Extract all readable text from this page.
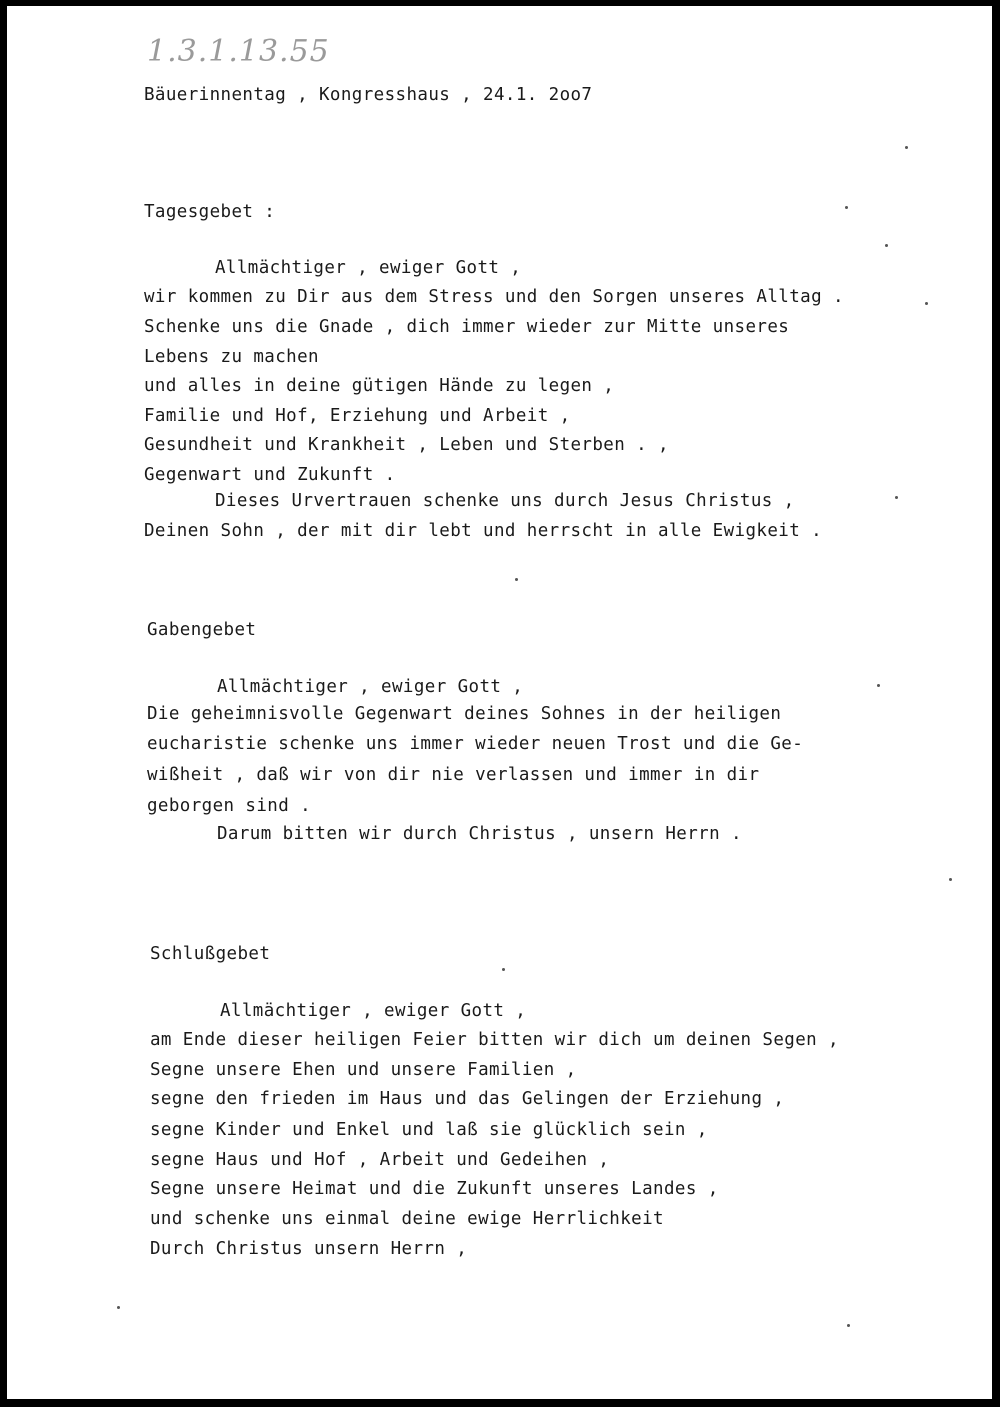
1.3.1.13.55
Bäuerinnentag , Kongresshaus , 24.1. 2oo7
Tagesgebet :
Allmächtiger , ewiger Gott ,
wir kommen zu Dir aus dem Stress und den Sorgen unseres Alltag .
Schenke uns die Gnade , dich immer wieder zur Mitte unseres
Lebens zu machen
und alles in deine gütigen Hände zu legen ,
Familie und Hof, Erziehung und Arbeit ,
Gesundheit und Krankheit , Leben und Sterben . ,
Gegenwart und Zukunft .
Dieses Urvertrauen schenke uns durch Jesus Christus ,
Deinen Sohn , der mit dir lebt und herrscht in alle Ewigkeit .
Gabengebet
Allmächtiger , ewiger Gott ,
Die geheimnisvolle Gegenwart deines Sohnes in der heiligen
eucharistie schenke uns immer wieder neuen Trost und die Ge-
wißheit , daß wir von dir nie verlassen und immer in dir
geborgen sind .
Darum bitten wir durch Christus , unsern Herrn .
Schlußgebet
Allmächtiger , ewiger Gott ,
am Ende dieser heiligen Feier bitten wir dich um deinen Segen ,
Segne unsere Ehen und unsere Familien ,
segne den frieden im Haus und das Gelingen der Erziehung ,
segne Kinder und Enkel und laß sie glücklich sein ,
segne Haus und Hof , Arbeit und Gedeihen ,
Segne unsere Heimat und die Zukunft unseres Landes ,
und schenke uns einmal deine ewige Herrlichkeit
Durch Christus unsern Herrn ,
